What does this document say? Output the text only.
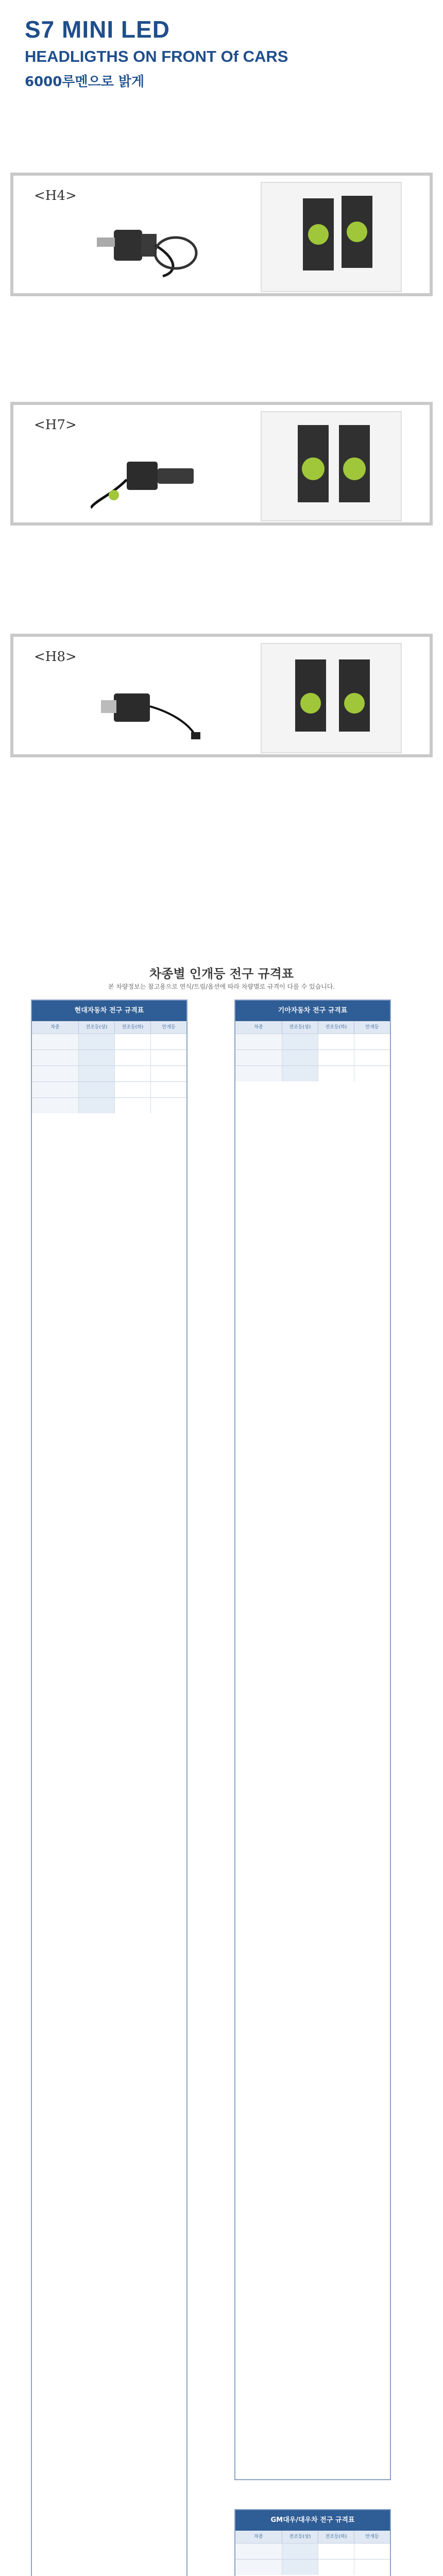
S7 MINI LED
HEADLIGTHS ON FRONT Of CARS
6000루멘으로 밝게
<H4>
<H7>
<H8>
차종별 인개등 전구 규격표
본 차량정보는 참고용으로 연식/트림/옵션에 따라 차량별로 규격이 다를 수 있습니다.
현대자동차 전구 규격표
차종	전조등(상)	전조등(하)	안개등
기아자동차 전구 규격표
차종	전조등(상)	전조등(하)	안개등
GM대우/대우차 전구 규격표
차종	전조등(상)	전조등(하)	안개등
